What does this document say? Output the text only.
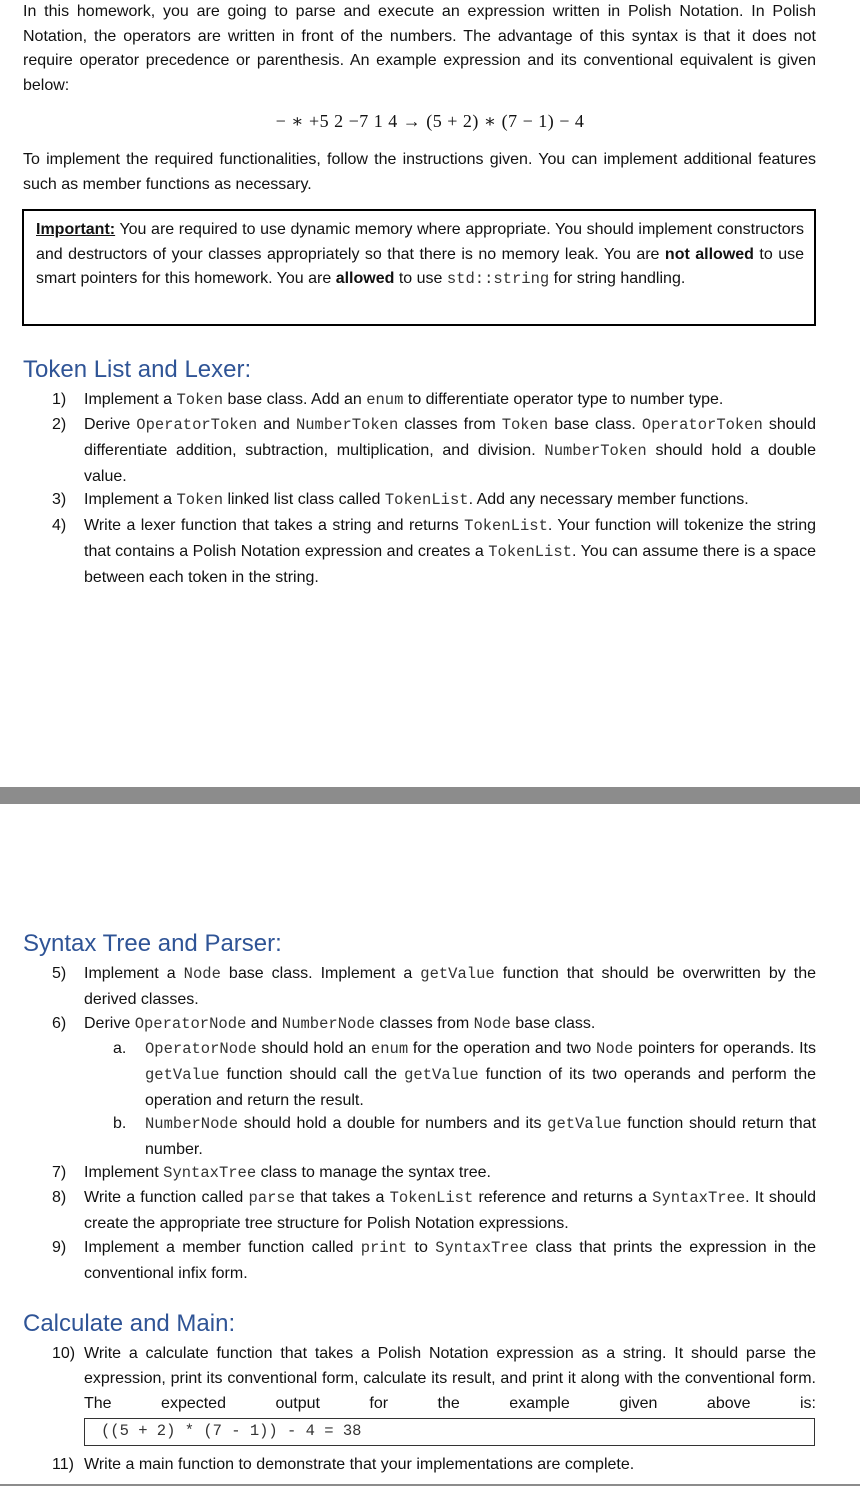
In this homework, you are going to parse and execute an expression written in Polish Notation. In Polish Notation, the operators are written in front of the numbers. The advantage of this syntax is that it does not require operator precedence or parenthesis. An example expression and its conventional equivalent is given below:

− ∗ +5 2 −7 1 4 → (5 + 2) ∗ (7 − 1) − 4

To implement the required functionalities, follow the instructions given. You can implement additional features such as member functions as necessary.

Important: You are required to use dynamic memory where appropriate. You should implement constructors and destructors of your classes appropriately so that there is no memory leak. You are not allowed to use smart pointers for this homework. You are allowed to use std::string for string handling.

Token List and Lexer:
1) Implement a Token base class. Add an enum to differentiate operator type to number type.
2) Derive OperatorToken and NumberToken classes from Token base class. OperatorToken should differentiate addition, subtraction, multiplication, and division. NumberToken should hold a double value.
3) Implement a Token linked list class called TokenList. Add any necessary member functions.
4) Write a lexer function that takes a string and returns TokenList. Your function will tokenize the string that contains a Polish Notation expression and creates a TokenList. You can assume there is a space between each token in the string.
Syntax Tree and Parser:
5) Implement a Node base class. Implement a getValue function that should be overwritten by the derived classes.
6) Derive OperatorNode and NumberNode classes from Node base class.
a. OperatorNode should hold an enum for the operation and two Node pointers for operands. Its getValue function should call the getValue function of its two operands and perform the operation and return the result.
b. NumberNode should hold a double for numbers and its getValue function should return that number.
7) Implement SyntaxTree class to manage the syntax tree.
8) Write a function called parse that takes a TokenList reference and returns a SyntaxTree. It should create the appropriate tree structure for Polish Notation expressions.
9) Implement a member function called print to SyntaxTree class that prints the expression in the conventional infix form.
Calculate and Main:
10) Write a calculate function that takes a Polish Notation expression as a string. It should parse the expression, print its conventional form, calculate its result, and print it along with the conventional form. The expected output for the example given above is:
((5 + 2) * (7 - 1)) - 4 = 38
11) Write a main function to demonstrate that your implementations are complete.
